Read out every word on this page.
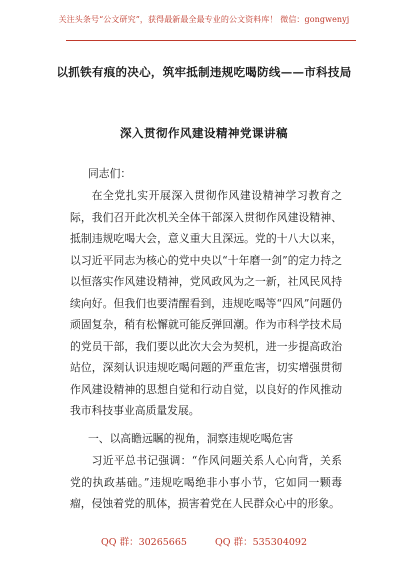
关注头条号“公文研究”，获得最新最全最专业的公文资料库！ 微信：gongwenyj
以抓铁有痕的决心，筑牢抵制违规吃喝防线——市科技局
深入贯彻作风建设精神党课讲稿
同志们：
在全党扎实开展深入贯彻作风建设精神学习教育之际，我们召开此次机关全体干部深入贯彻作风建设精神、抵制违规吃喝大会，意义重大且深远。党的十八大以来，以习近平同志为核心的党中央以“十年磨一剑”的定力持之以恒落实作风建设精神，党风政风为之一新，社风民风持续向好。但我们也要清醒看到，违规吃喝等“四风”问题仍顽固复杂，稍有松懈就可能反弹回潮。作为市科学技术局的党员干部，我们要以此次大会为契机，进一步提高政治站位，深刻认识违规吃喝问题的严重危害，切实增强贯彻作风建设精神的思想自觉和行动自觉，以良好的作风推动我市科技事业高质量发展。
一、以高瞻远瞩的视角，洞察违规吃喝危害
习近平总书记强调：“作风问题关系人心向背，关系党的执政基础。”违规吃喝绝非小事小节，它如同一颗毒瘤，侵蚀着党的肌体，损害着党在人民群众心中的形象。
QQ 群：30265665	QQ 群：535304092
